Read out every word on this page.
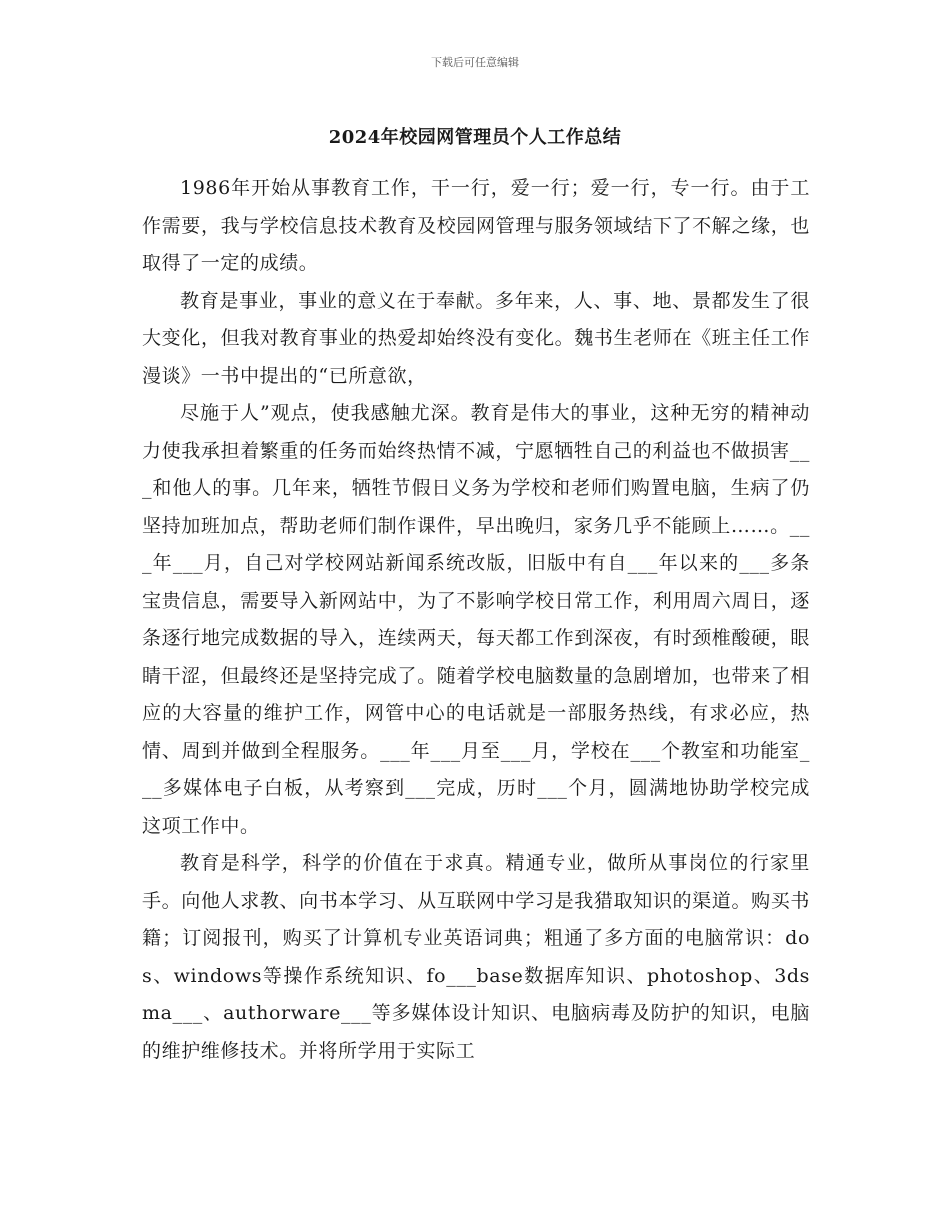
下载后可任意编辑
2024年校园网管理员个人工作总结

1986年开始从事教育工作，干一行，爱一行；爱一行，专一行。由于工作需要，我与学校信息技术教育及校园网管理与服务领域结下了不解之缘，也取得了一定的成绩。

教育是事业，事业的意义在于奉献。多年来，人、事、地、景都发生了很大变化，但我对教育事业的热爱却始终没有变化。魏书生老师在《班主任工作漫谈》一书中提出的“已所意欲，

尽施于人”观点，使我感触尤深。教育是伟大的事业，这种无穷的精神动力使我承担着繁重的任务而始终热情不减，宁愿牺牲自己的利益也不做损害___和他人的事。几年来，牺牲节假日义务为学校和老师们购置电脑，生病了仍坚持加班加点，帮助老师们制作课件，早出晚归，家务几乎不能顾上……。___年___月，自己对学校网站新闻系统改版，旧版中有自___年以来的___多条宝贵信息，需要导入新网站中，为了不影响学校日常工作，利用周六周日，逐条逐行地完成数据的导入，连续两天，每天都工作到深夜，有时颈椎酸硬，眼睛干涩，但最终还是坚持完成了。随着学校电脑数量的急剧增加，也带来了相应的大容量的维护工作，网管中心的电话就是一部服务热线，有求必应，热情、周到并做到全程服务。___年___月至___月，学校在___个教室和功能室___多媒体电子白板，从考察到___完成，历时___个月，圆满地协助学校完成这项工作中。

教育是科学，科学的价值在于求真。精通专业，做所从事岗位的行家里手。向他人求教、向书本学习、从互联网中学习是我猎取知识的渠道。购买书籍；订阅报刊，购买了计算机专业英语词典；粗通了多方面的电脑常识：dos、windows等操作系统知识、fo___base数据库知识、photoshop、3dsma___、authorware___等多媒体设计知识、电脑病毒及防护的知识，电脑的维护维修技术。并将所学用于实际工
